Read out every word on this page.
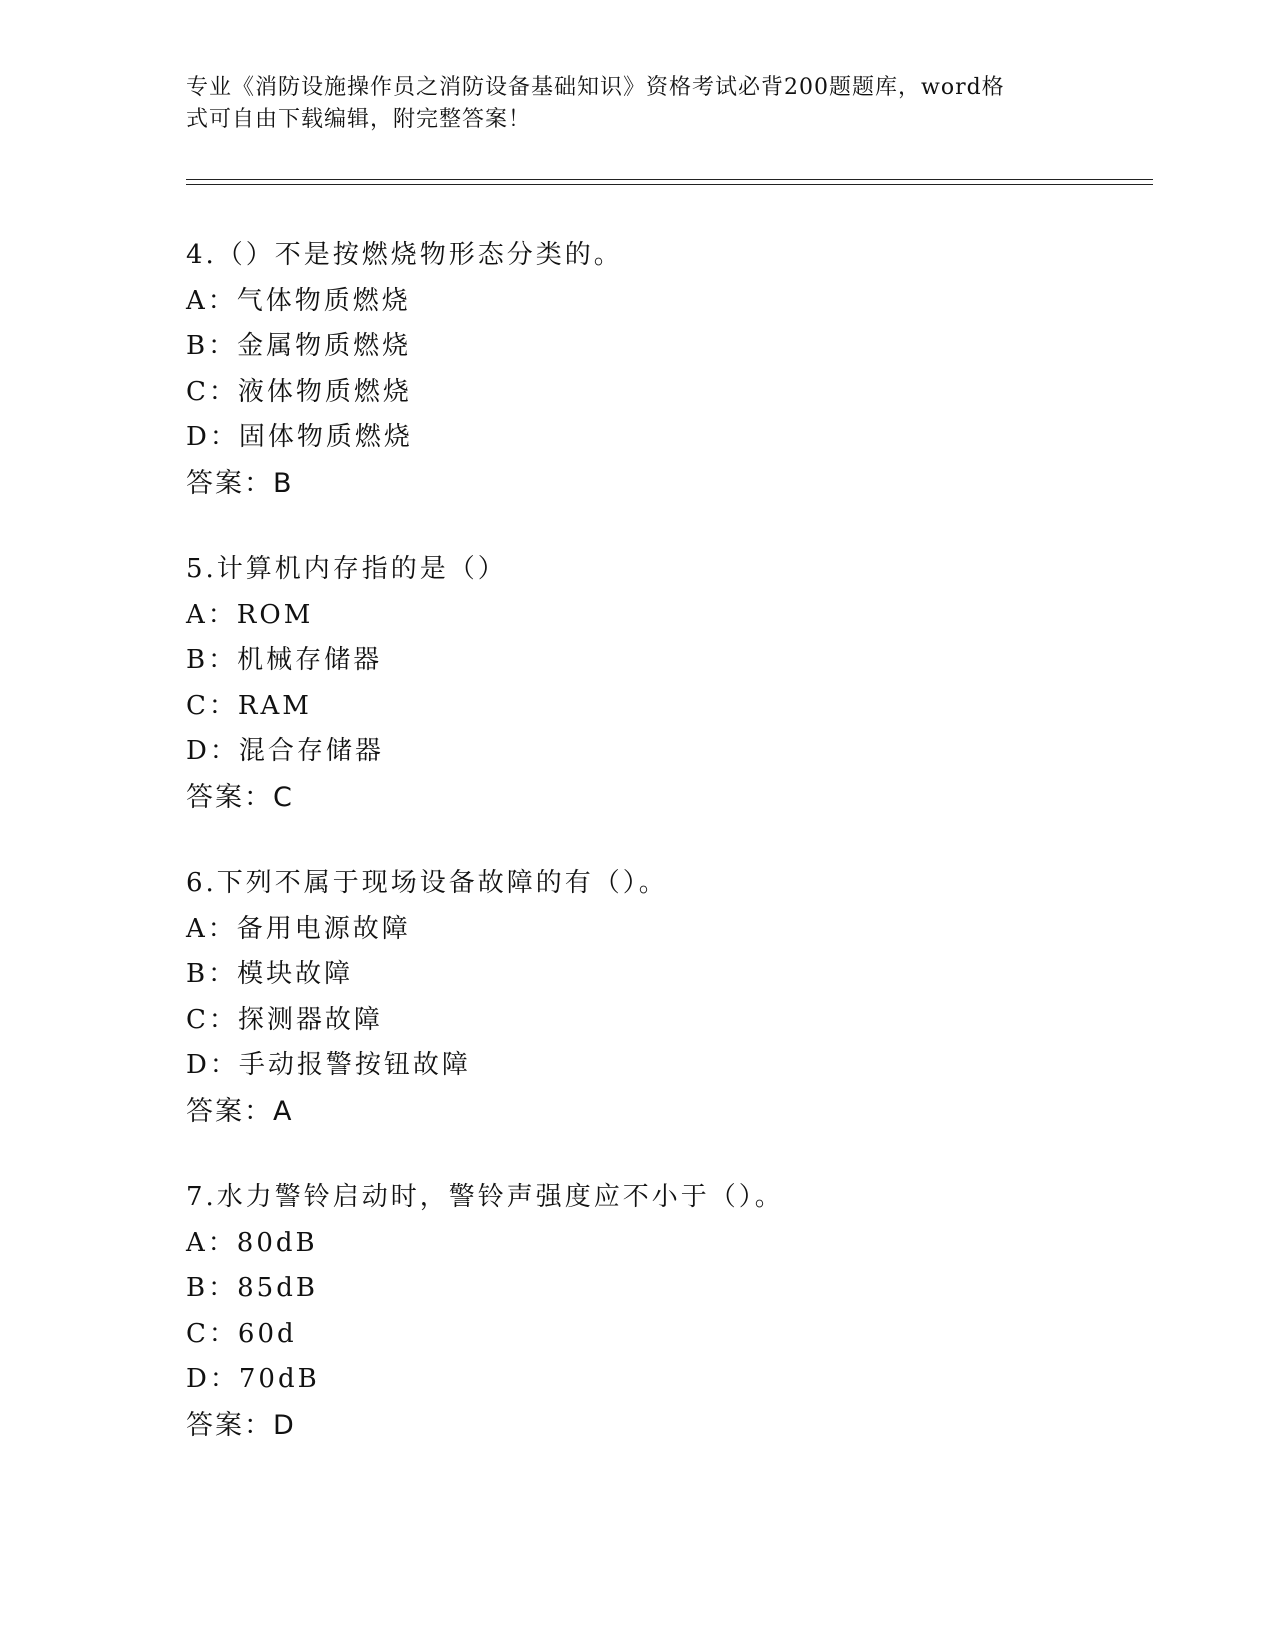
专业《消防设施操作员之消防设备基础知识》资格考试必背200题题库，word格
式可自由下载编辑，附完整答案！
4.（）不是按燃烧物形态分类的。
A：气体物质燃烧
B：金属物质燃烧
C：液体物质燃烧
D：固体物质燃烧
答案：B
5.计算机内存指的是（）
A：ROM
B：机械存储器
C：RAM
D：混合存储器
答案：C
6.下列不属于现场设备故障的有（）。
A：备用电源故障
B：模块故障
C：探测器故障
D：手动报警按钮故障
答案：A
7.水力警铃启动时，警铃声强度应不小于（）。
A：80dB
B：85dB
C：60d
D：70dB
答案：D
